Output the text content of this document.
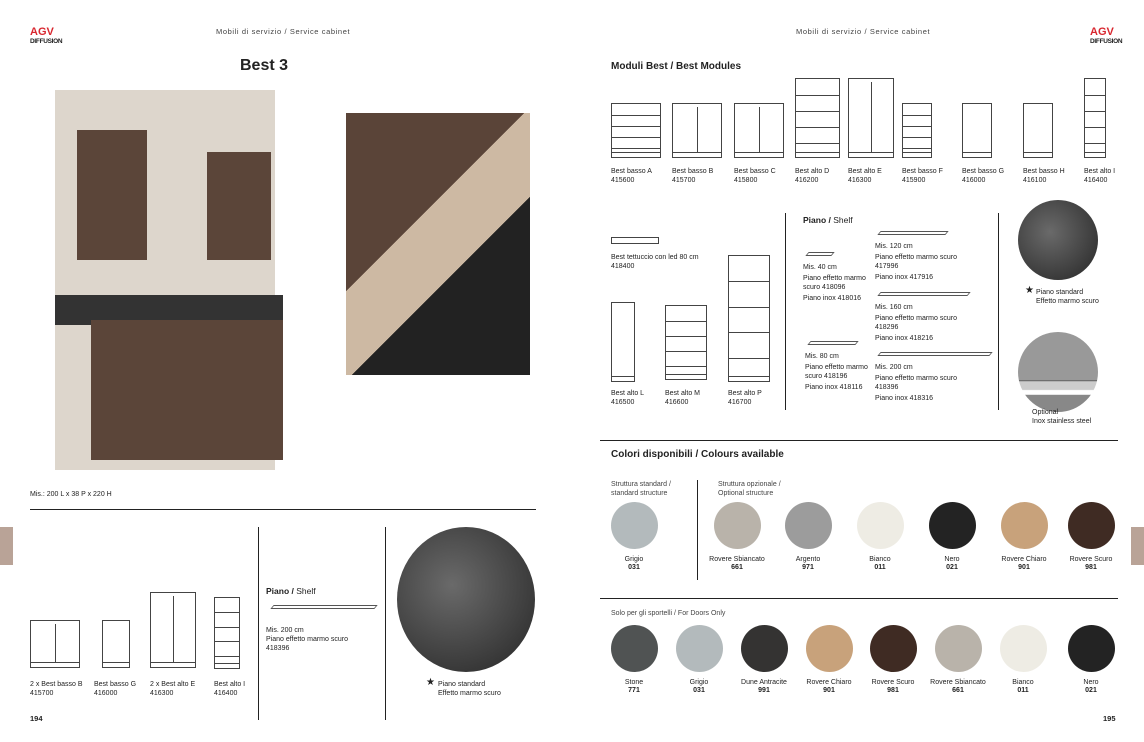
AGV
DIFFUSION
Mobili di servizio / Service cabinet
Best 3
Mis.: 200 L x 38 P x 220 H
2 x Best basso B
415700
Best basso G
416000
2 x Best alto E
416300
Best alto I
416400
Piano / Shelf
Mis. 200 cm
Piano effetto marmo scuro
418396
★ Piano standard
Effetto marmo scuro
194
Mobili di servizio / Service cabinet	AGV
DIFFUSION
Moduli Best / Best Modules
Best basso A
415600
Best basso B
415700
Best basso C
415800
Best alto D
416200
Best alto E
416300
Best basso F
415900
Best basso G
416000
Best basso H
416100
Best alto I
416400
Best tettuccio con led 80 cm
418400
Best alto L
416500
Best alto M
416600
Best alto P
416700
Piano / Shelf
Mis. 40 cm
Piano effetto marmo scuro 418096
Piano inox 418016
Mis. 80 cm
Piano effetto marmo scuro 418196
Piano inox 418116
Mis. 120 cm
Piano effetto marmo scuro 417996
Piano inox 417916
Mis. 160 cm
Piano effetto marmo scuro 418296
Piano inox 418216
Mis. 200 cm
Piano effetto marmo scuro 418396
Piano inox 418316
★ Piano standard
Effetto marmo scuro
Optional
Inox stainless steel
Colori disponibili / Colours available
Struttura standard /
standard structure
Struttura opzionale /
Optional structure
Solo per gli sportelli / For Doors Only
Grigio
031
Rovere Sbiancato
661
Argento
971
Bianco
011
Nero
021
Rovere Chiaro
901
Rovere Scuro
981
Stone
771
Grigio
031
Dune Antracite
991
Rovere Chiaro
901
Rovere Scuro
981
Rovere Sbiancato
661
Bianco
011
Nero
021
195
